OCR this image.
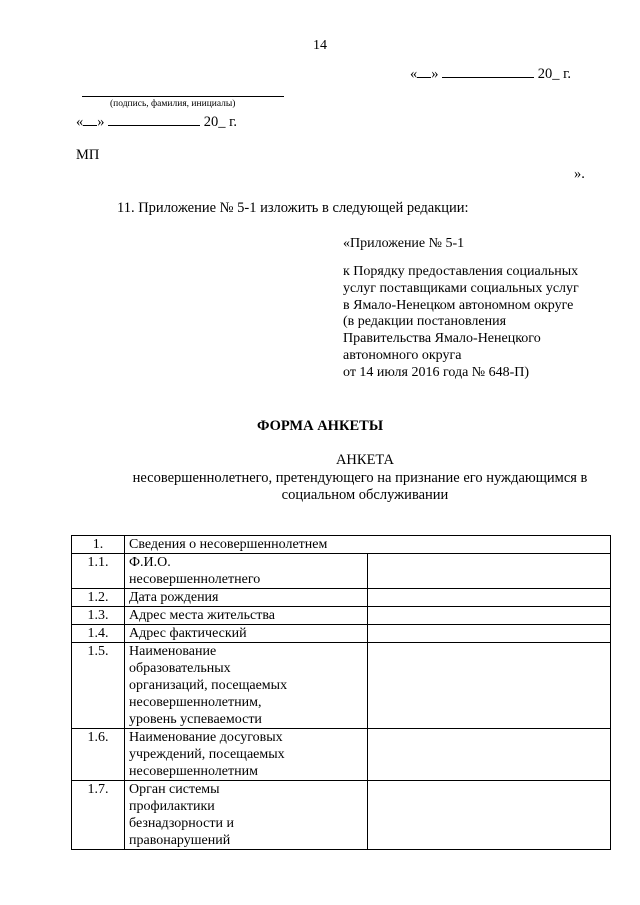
14
« »	20_ г.
(подпись, фамилия, инициалы)
« »	20_ г.
МП
».
11. Приложение № 5-1 изложить в следующей редакции:
«Приложение № 5-1
к Порядку предоставления социальных
услуг поставщиками социальных услуг
в Ямало-Ненецком автономном округе
(в редакции постановления
Правительства Ямало-Ненецкого
автономного округа
от 14 июля 2016 года № 648-П)
ФОРМА АНКЕТЫ
АНКЕТА
несовершеннолетнего, претендующего на признание его нуждающимся в
социальном обслуживании
1.	Сведения о несовершеннолетнем	
1.1.	Ф.И.О.
несовершеннолетнего	

1.2.	Дата рождения	

1.3.	Адрес места жительства	

1.4.	Адрес фактический	

1.5.	Наименование
образовательных
организаций, посещаемых
несовершеннолетним,
уровень успеваемости	

1.6.	Наименование досуговых
учреждений, посещаемых
несовершеннолетним	

1.7.	Орган системы
профилактики
безнадзорности и
правонарушений	
